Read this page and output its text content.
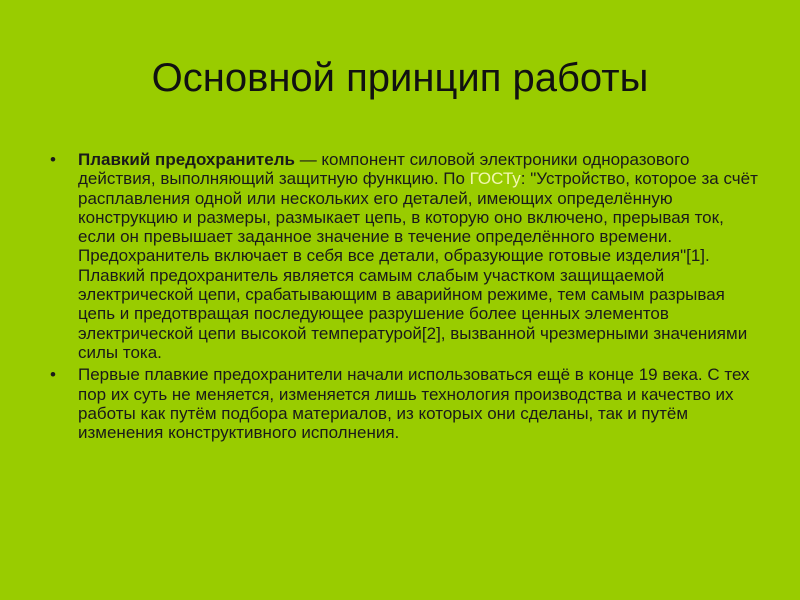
Основной принцип работы
• Плавкий предохранитель — компонент силовой электроники одноразового действия, выполняющий защитную функцию. По ГОСТу: "Устройство, которое за счёт расплавления одной или нескольких его деталей, имеющих определённую конструкцию и размеры, размыкает цепь, в которую оно включено, прерывая ток, если он превышает заданное значение в течение определённого времени. Предохранитель включает в себя все детали, образующие готовые изделия"[1]. Плавкий предохранитель является самым слабым участком защищаемой электрической цепи, срабатывающим в аварийном режиме, тем самым разрывая цепь и предотвращая последующее разрушение более ценных элементов электрической цепи высокой температурой[2], вызванной чрезмерными значениями силы тока.
• Первые плавкие предохранители начали использоваться ещё в конце 19 века. С тех пор их суть не меняется, изменяется лишь технология производства и качество их работы как путём подбора материалов, из которых они сделаны, так и путём изменения конструктивного исполнения.
